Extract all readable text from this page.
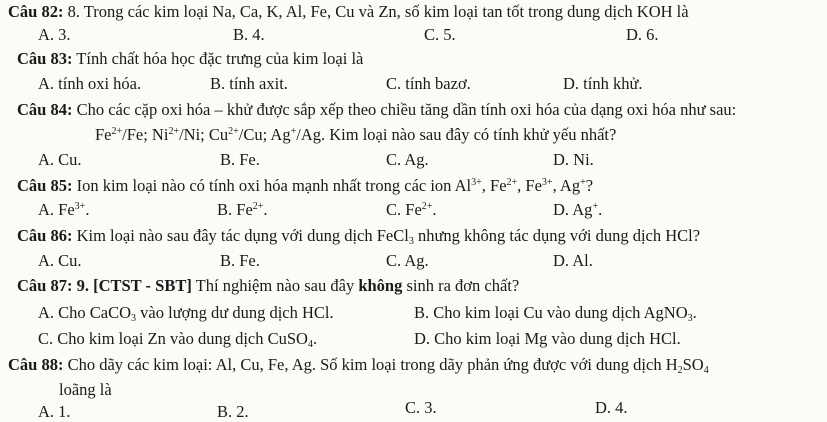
Câu 82: 8. Trong các kim loại Na, Ca, K, Al, Fe, Cu và Zn, số kim loại tan tốt trong dung dịch KOH là
A. 3.	B. 4.	C. 5.	D. 6.
Câu 83: Tính chất hóa học đặc trưng của kim loại là
A. tính oxi hóa.	B. tính axit.	C. tính bazơ.	D. tính khử.
Câu 84: Cho các cặp oxi hóa – khử được sắp xếp theo chiều tăng dần tính oxi hóa của dạng oxi hóa như sau:
$Fe^{2+}/Fe$; $Ni^{2+}/Ni$; $Cu^{2+}/Cu$; Ag+/Ag. Kim loại nào sau đây có tính khử yếu nhất?
A. Cu.	B. Fe.	C. Ag.	D. Ni.
Câu 85: Ion kim loại nào có tính oxi hóa mạnh nhất trong các ion $Al^{3+}$, $Fe^{2+}$, $Fe^{3+}$, Ag+?
A. $Fe^{3+}$.	B. $Fe^{2+}$.	C. $Fe^{2+}$.	D. Ag+.
Câu 86: Kim loại nào sau đây tác dụng với dung dịch FeCl$_3$ nhưng không tác dụng với dung dịch HCl?
A. Cu.	B. Fe.	C. Ag.	D. Al.
Câu 87: 9. [CTST - SBT] Thí nghiệm nào sau đây không sinh ra đơn chất?
A. Cho CaCO$_3$ vào lượng dư dung dịch HCl.	B. Cho kim loại Cu vào dung dịch AgNO$_3$.
C. Cho kim loại Zn vào dung dịch CuSO$_4$.	D. Cho kim loại Mg vào dung dịch HCl.
Câu 88: Cho dãy các kim loại: Al, Cu, Fe, Ag. Số kim loại trong dãy phản ứng được với dung dịch $H_2SO_4$
loãng là
A. 1.	B. 2.	C. 3.	D. 4.
